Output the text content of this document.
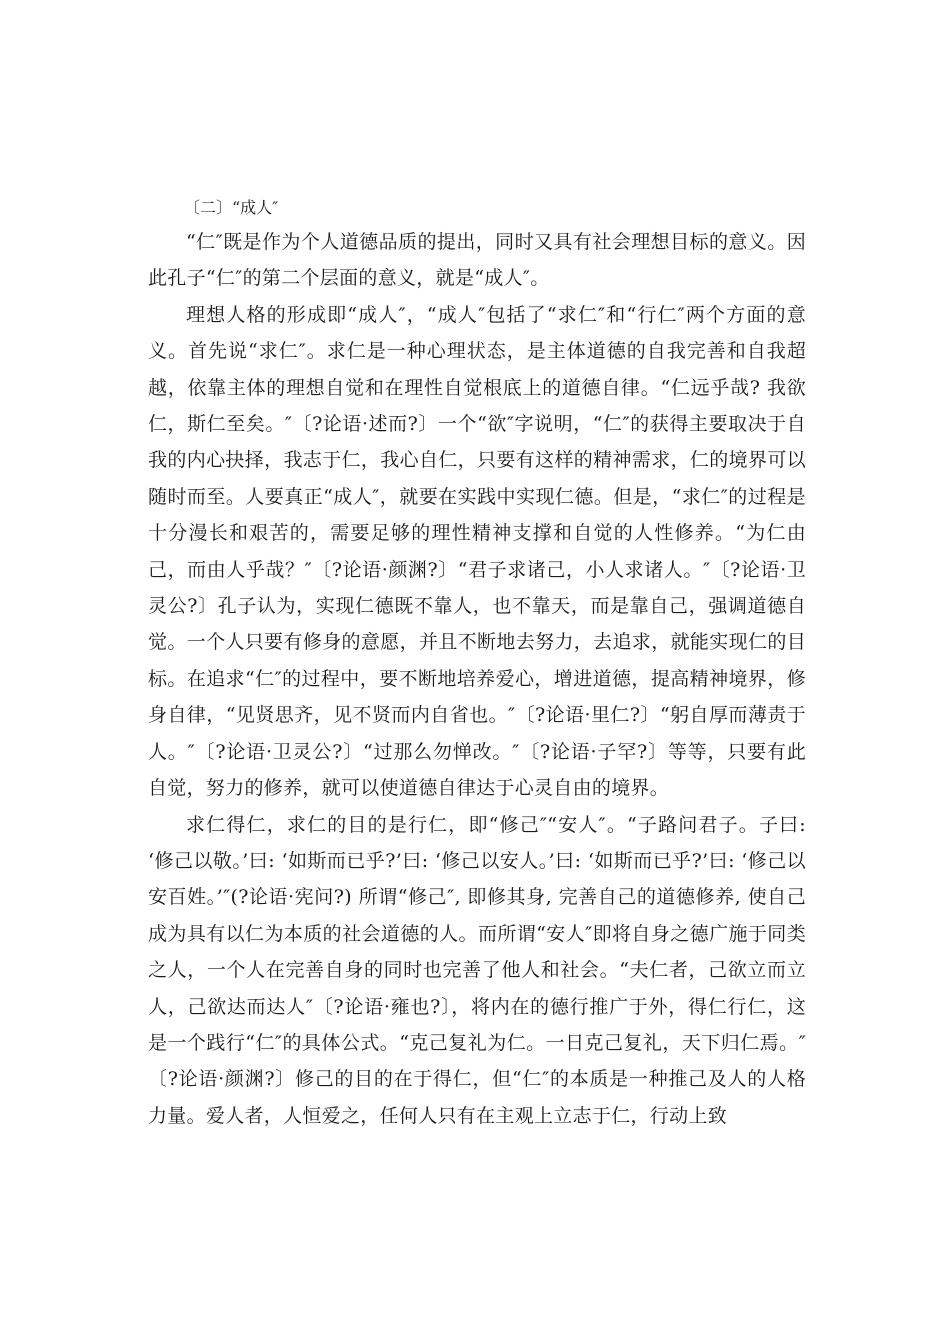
〔二〕“成人″

“仁″既是作为个人道德品质的提出，同时又具有社会理想目标的意义。因此孔子“仁″的第二个层面的意义，就是“成人″。

理想人格的形成即“成人″，“成人″包括了“求仁″和“行仁″两个方面的意义。首先说“求仁″。求仁是一种心理状态，是主体道德的自我完善和自我超越，依靠主体的理想自觉和在理性自觉根底上的道德自律。“仁远乎哉? 我欲仁，斯仁至矣。″〔?论语·述而?〕一个“欲″字说明，“仁″的获得主要取决于自我的内心抉择，我志于仁，我心自仁，只要有这样的精神需求，仁的境界可以随时而至。人要真正“成人″，就要在实践中实现仁德。但是，“求仁″的过程是十分漫长和艰苦的，需要足够的理性精神支撑和自觉的人性修养。“为仁由己，而由人乎哉？″〔?论语·颜渊?〕“君子求诸己，小人求诸人。″〔?论语·卫灵公?〕孔子认为，实现仁德既不靠人，也不靠天，而是靠自己，强调道德自觉。一个人只要有修身的意愿，并且不断地去努力，去追求，就能实现仁的目标。在追求“仁″的过程中，要不断地培养爱心，增进道德，提高精神境界，修身自律，“见贤思齐，见不贤而内自省也。″〔?论语·里仁?〕“躬自厚而薄责于人。″〔?论语·卫灵公?〕“过那么勿惮改。″〔?论语·子罕?〕等等，只要有此自觉，努力的修养，就可以使道德自律达于心灵自由的境界。

求仁得仁，求仁的目的是行仁，即“修己″“安人″。“子路问君子。子曰: ‘修己以敬。’曰: ‘如斯而已乎?’曰: ‘修己以安人。’曰: ‘如斯而已乎?’曰: ‘修己以安百姓。’″(?论语·宪问?) 所谓“修己″, 即修其身, 完善自己的道德修养, 使自己成为具有以仁为本质的社会道德的人。而所谓“安人″即将自身之德广施于同类之人，一个人在完善自身的同时也完善了他人和社会。“夫仁者，己欲立而立人，己欲达而达人″〔?论语·雍也?〕，将内在的德行推广于外，得仁行仁，这是一个践行“仁″的具体公式。“克己复礼为仁。一日克己复礼，天下归仁焉。″〔?论语·颜渊?〕修己的目的在于得仁，但“仁″的本质是一种推己及人的人格力量。爱人者，人恒爱之，任何人只有在主观上立志于仁，行动上致
